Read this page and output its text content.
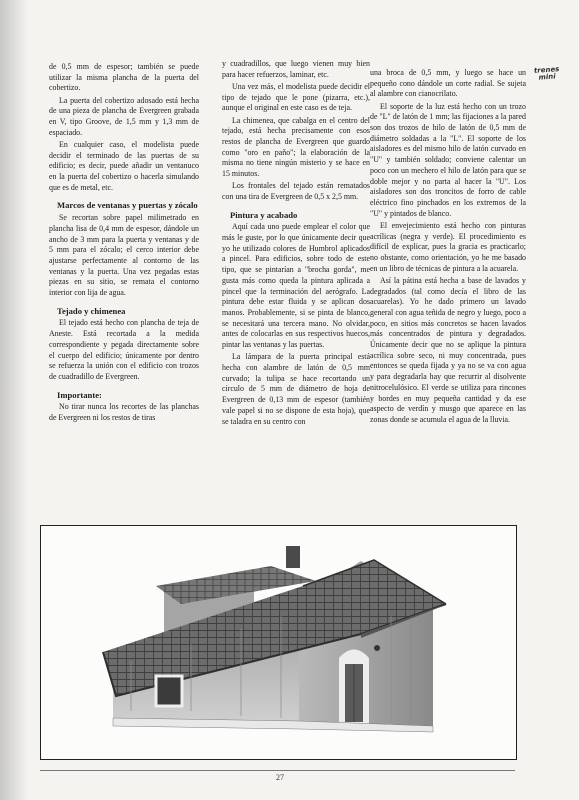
trenes
mini

de 0,5 mm de espesor; también se puede utilizar la misma plancha de la puerta del cobertizo.

La puerta del cobertizo adosado está hecha de una pieza de plancha de Evergreen grabada en V, tipo Groove, de 1,5 mm y 1,3 mm de espaciado.

En cualquier caso, el modelista puede decidir el terminado de las puertas de su edificio; es decir, puede añadir un ventanuco en la puerta del cobertizo o hacerla simulando que es de metal, etc.

Marcos de ventanas y puertas y zócalo

Se recortan sobre papel milimetrado en plancha lisa de 0,4 mm de espesor, dándole un ancho de 3 mm para la puerta y ventanas y de 5 mm para el zócalo; el cerco interior debe ajustarse perfectamente al contorno de las ventanas y la puerta. Una vez pegadas estas piezas en su sitio, se remata el contorno interior con lija de agua.

Tejado y chimenea

El tejado está hecho con plancha de teja de Aneste. Está recortada a la medida correspondiente y pegada directamente sobre el cuerpo del edificio; únicamente por dentro se refuerza la unión con el edificio con trozos de cuadradillo de Evergreen.

Importante:

No tirar nunca los recortes de las planchas de Evergreen ni los restos de tiras

y cuadradillos, que luego vienen muy bien para hacer refuerzos, laminar, etc.

Una vez más, el modelista puede decidir el tipo de tejado que le pone (pizarra, etc.), aunque el original en este caso es de teja.

La chimenea, que cabalga en el centro del tejado, está hecha precisamente con esos restos de plancha de Evergreen que guardo como "oro en paño"; la elaboración de la misma no tiene ningún misterio y se hace en 15 minutos.

Los frontales del tejado están rematados con una tira de Evergreen de 0,5 x 2,5 mm.

Pintura y acabado

Aquí cada uno puede emplear el color que más le guste, por lo que únicamente decir que yo he utilizado colores de Humbrol aplicados a pincel. Para edificios, sobre todo de este tipo, que se pintarían a "brocha gorda", me gusta más como queda la pintura aplicada a pincel que la terminación del aerógrafo. La pintura debe estar fluida y se aplican dos manos. Probablemente, si se pinta de blanco, se necesitará una tercera mano. No olvidar, antes de colocarlas en sus respectivos huecos, pintar las ventanas y las puertas.

La lámpara de la puerta principal está hecha con alambre de latón de 0,5 mm curvado; la tulipa se hace recortando un círculo de 5 mm de diámetro de hoja de Evergreen de 0,13 mm de espesor (también vale papel si no se dispone de esta hoja), que se taladra en su centro con

una broca de 0,5 mm, y luego se hace un pequeño cono dándole un corte radial. Se sujeta al alambre con cianocrilato.

El soporte de la luz está hecho con un trozo de "L" de latón de 1 mm; las fijaciones a la pared son dos trozos de hilo de latón de 0,5 mm de diámetro soldadas a la "L". El soporte de los aisladores es del mismo hilo de latón curvado en "U" y también soldado; conviene calentar un poco con un mechero el hilo de latón para que se doble mejor y no parta al hacer la "U". Los aisladores son dos troncitos de forro de cable eléctrico fino pinchados en los extremos de la "U" y pintados de blanco.

El envejecimiento está hecho con pinturas acrílicas (negra y verde). El procedimiento es difícil de explicar, pues la gracia es practicarlo; no obstante, como orientación, yo he me basado en un libro de técnicas de pintura a la acuarela.

Así la pátina está hecha a base de lavados y degradados (tal como decía el libro de las acuarelas). Yo he dado primero un lavado general con agua teñida de negro y luego, poco a poco, en sitios más concretos se hacen lavados más concentrados de pintura y degradados. Únicamente decir que no se aplique la pintura acrílica sobre seco, ni muy concentrada, pues entonces se queda fijada y ya no se va con agua y para degradarla hay que recurrir al disolvente nitrocelulósico. El verde se utiliza para rincones y bordes en muy pequeña cantidad y da ese aspecto de verdín y musgo que aparece en las zonas donde se acumula el agua de la lluvia.

27
